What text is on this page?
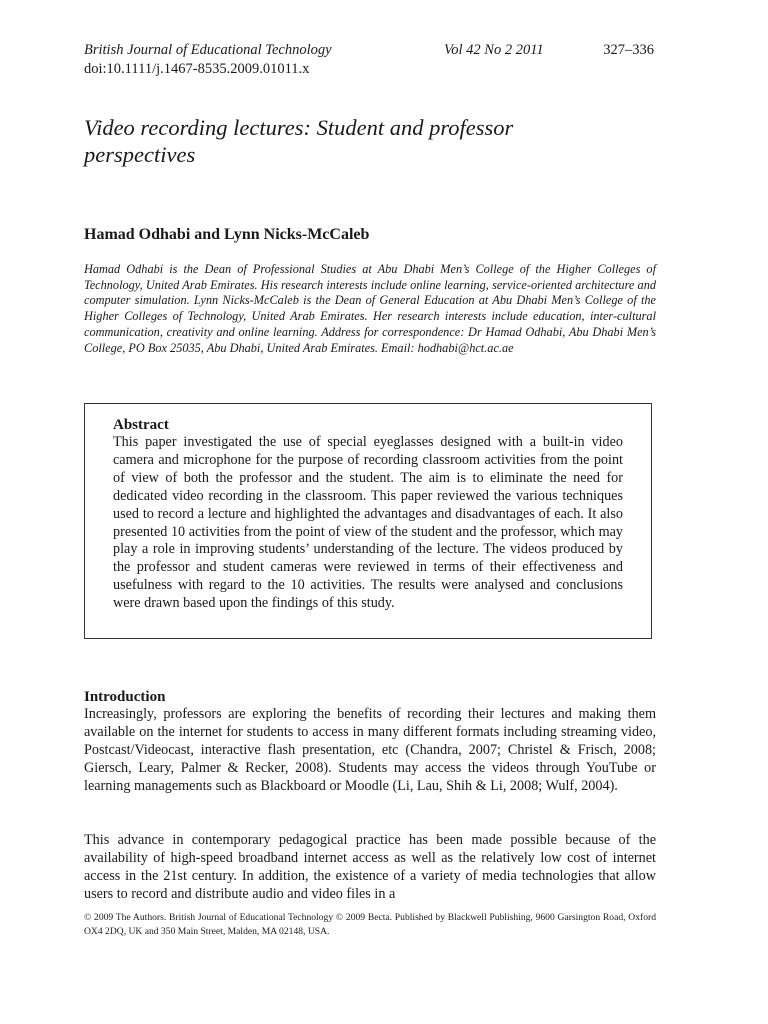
British Journal of Educational Technology	Vol 42 No 2 2011	327–336
doi:10.1111/j.1467-8535.2009.01011.x
Video recording lectures: Student and professor perspectives

Hamad Odhabi and Lynn Nicks-McCaleb

Hamad Odhabi is the Dean of Professional Studies at Abu Dhabi Men’s College of the Higher Colleges of Technology, United Arab Emirates. His research interests include online learning, service-oriented architecture and computer simulation. Lynn Nicks-McCaleb is the Dean of General Education at Abu Dhabi Men’s College of the Higher Colleges of Technology, United Arab Emirates. Her research interests include education, inter-cultural communication, creativity and online learning. Address for correspondence: Dr Hamad Odhabi, Abu Dhabi Men’s College, PO Box 25035, Abu Dhabi, United Arab Emirates. Email: hodhabi@hct.ac.ae

Abstract

This paper investigated the use of special eyeglasses designed with a built-in video camera and microphone for the purpose of recording classroom activities from the point of view of both the professor and the student. The aim is to eliminate the need for dedicated video recording in the classroom. This paper reviewed the various techniques used to record a lecture and highlighted the advantages and disadvantages of each. It also presented 10 activities from the point of view of the student and the professor, which may play a role in improving students’ understanding of the lecture. The videos produced by the professor and student cameras were reviewed in terms of their effectiveness and usefulness with regard to the 10 activities. The results were analysed and conclusions were drawn based upon the findings of this study.

Introduction

Increasingly, professors are exploring the benefits of recording their lectures and making them available on the internet for students to access in many different formats including streaming video, Postcast/Videocast, interactive flash presentation, etc (Chandra, 2007; Christel & Frisch, 2008; Giersch, Leary, Palmer & Recker, 2008). Students may access the videos through YouTube or learning managements such as Blackboard or Moodle (Li, Lau, Shih & Li, 2008; Wulf, 2004).

This advance in contemporary pedagogical practice has been made possible because of the availability of high-speed broadband internet access as well as the relatively low cost of internet access in the 21st century. In addition, the existence of a variety of media technologies that allow users to record and distribute audio and video files in a

© 2009 The Authors. British Journal of Educational Technology © 2009 Becta. Published by Blackwell Publishing, 9600 Garsington Road, Oxford OX4 2DQ, UK and 350 Main Street, Malden, MA 02148, USA.
